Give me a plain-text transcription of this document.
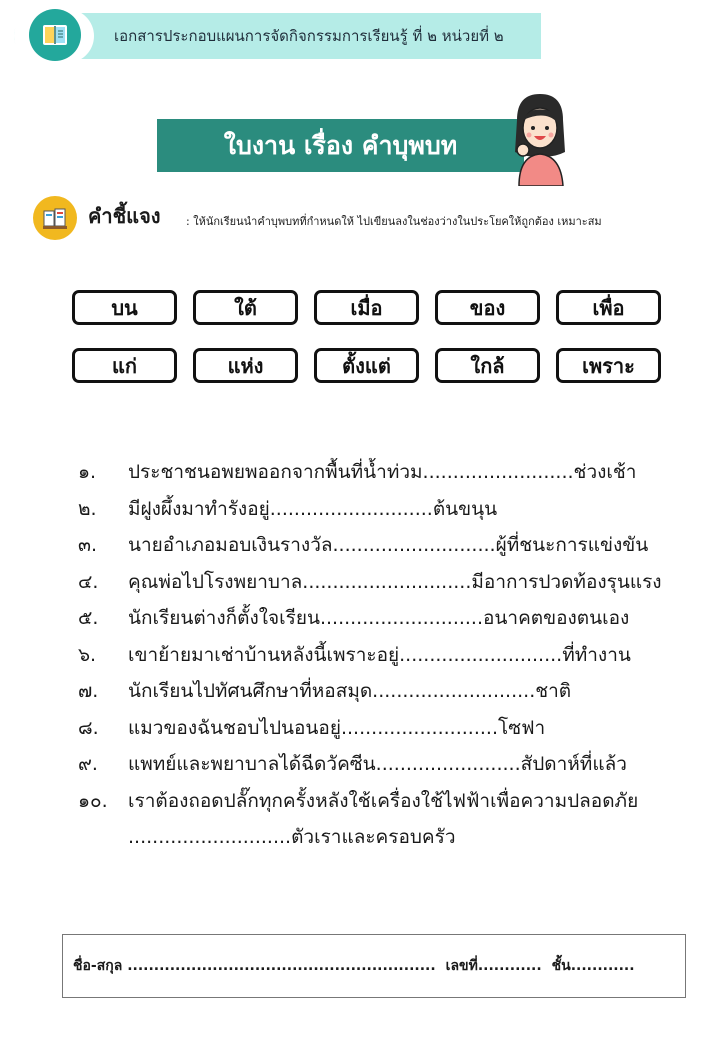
เอกสารประกอบแผนการจัดกิจกรรมการเรียนรู้ ที่ ๒ หน่วยที่ ๒
ใบงาน เรื่อง คำบุพบท
คำชี้แจง : ให้นักเรียนนำคำบุพบทที่กำหนดให้ ไปเขียนลงในช่องว่างในประโยคให้ถูกต้อง เหมาะสม
บน	ใต้	เมื่อ	ของ	เพื่อ
แก่	แห่ง	ตั้งแต่	ใกล้	เพราะ
๑.	ประชาชนอพยพออกจากพื้นที่น้ำท่วม.........................ช่วงเช้า
๒.	มีฝูงผึ้งมาทำรังอยู่...........................ต้นขนุน
๓.	นายอำเภอมอบเงินรางวัล...........................ผู้ที่ชนะการแข่งขัน
๔.	คุณพ่อไปโรงพยาบาล............................มีอาการปวดท้องรุนแรง
๕.	นักเรียนต่างก็ตั้งใจเรียน...........................อนาคตของตนเอง
๖.	เขาย้ายมาเช่าบ้านหลังนี้เพราะอยู่...........................ที่ทำงาน
๗.	นักเรียนไปทัศนศึกษาที่หอสมุด...........................ชาติ
๘.	แมวของฉันชอบไปนอนอยู่..........................โซฟา
๙.	แพทย์และพยาบาลได้ฉีดวัคซีน........................สัปดาห์ที่แล้ว
๑๐.	เราต้องถอดปลั๊กทุกครั้งหลังใช้เครื่องใช้ไฟฟ้าเพื่อความปลอดภัย ...........................ตัวเราและครอบครัว
ชื่อ-สกุล .......................................................... เลขที่............ ชั้น............
